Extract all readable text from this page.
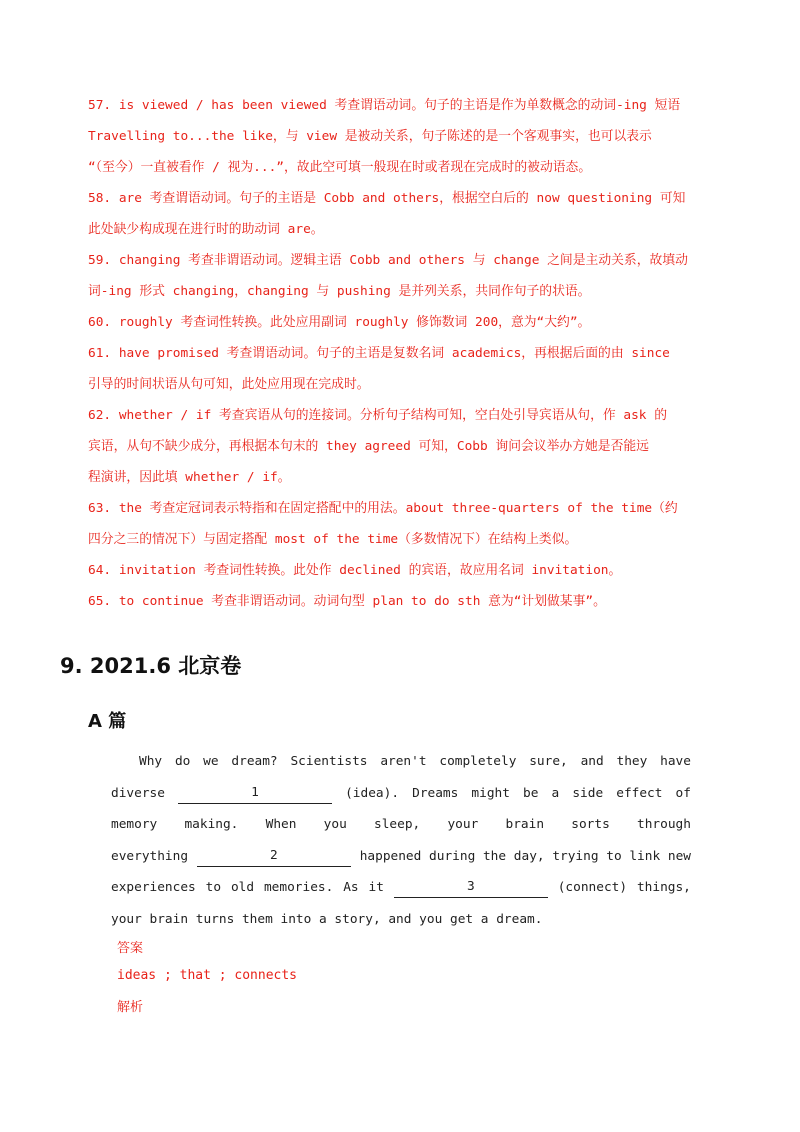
57. is viewed / has been viewed 考查谓语动词。句子的主语是作为单数概念的动词-ing 短语
Travelling to...the like，与 view 是被动关系，句子陈述的是一个客观事实，也可以表示
“（至今）一直被看作 / 视为...”，故此空可填一般现在时或者现在完成时的被动语态。
58. are 考查谓语动词。句子的主语是 Cobb and others，根据空白后的 now questioning 可知
此处缺少构成现在进行时的助动词 are。
59. changing 考查非谓语动词。逻辑主语 Cobb and others 与 change 之间是主动关系，故填动
词-ing 形式 changing，changing 与 pushing 是并列关系，共同作句子的状语。
60. roughly 考查词性转换。此处应用副词 roughly 修饰数词 200，意为“大约”。
61. have promised 考查谓语动词。句子的主语是复数名词 academics，再根据后面的由 since
引导的时间状语从句可知，此处应用现在完成时。
62. whether / if 考查宾语从句的连接词。分析句子结构可知，空白处引导宾语从句，作 ask 的
宾语，从句不缺少成分，再根据本句末的 they agreed 可知，Cobb 询问会议举办方她是否能远
程演讲，因此填 whether / if。
63. the 考查定冠词表示特指和在固定搭配中的用法。about three-quarters of the time（约
四分之三的情况下）与固定搭配 most of the time（多数情况下）在结构上类似。
64. invitation 考查词性转换。此处作 declined 的宾语，故应用名词 invitation。
65. to continue 考查非谓语动词。动词句型 plan to do sth 意为“计划做某事”。
9. 2021.6 北京卷
A 篇
Why do we dream? Scientists aren't completely sure, and they have
diverse	1	(idea). Dreams might be a side effect of
memory making. When you sleep, your brain sorts through
everything	2	happened during the day, trying to link new
experiences to old memories. As it	3	(connect) things,
your brain turns them into a story, and you get a dream.
答案
ideas ; that ; connects
解析
